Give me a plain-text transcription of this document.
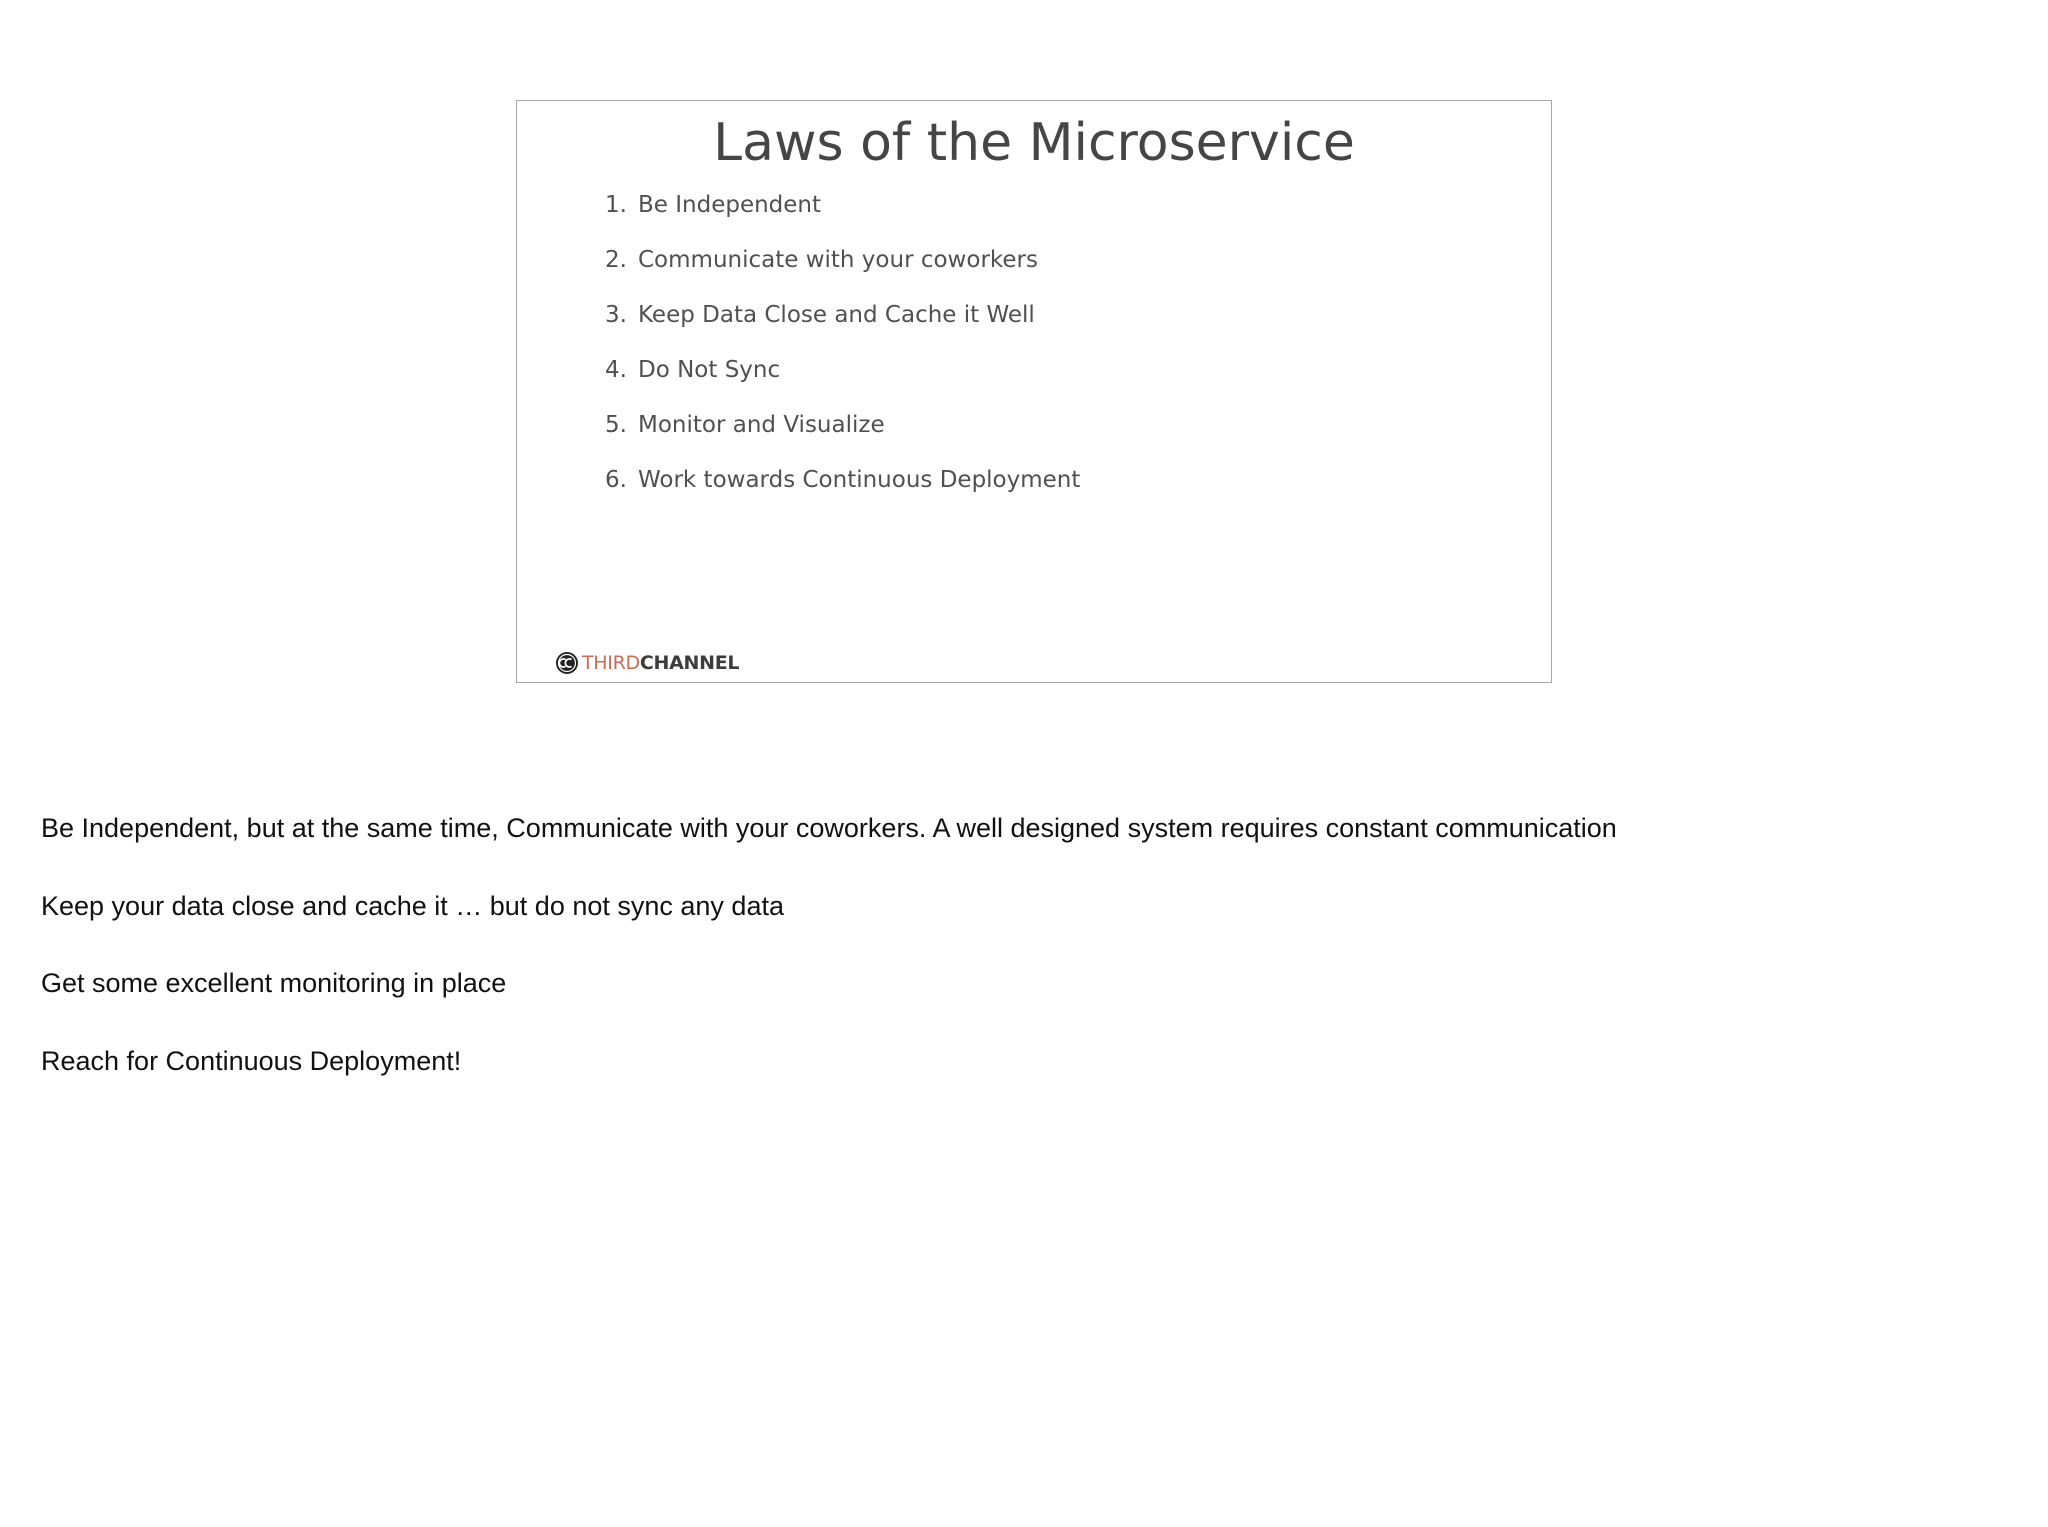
Laws of the Microservice
1. Be Independent
2. Communicate with your coworkers
3. Keep Data Close and Cache it Well
4. Do Not Sync
5. Monitor and Visualize
6. Work towards Continuous Deployment
THIRD CHANNEL

Be Independent, but at the same time, Communicate with your coworkers. A well designed system requires constant communication

Keep your data close and cache it … but do not sync any data

Get some excellent monitoring in place

Reach for Continuous Deployment!
